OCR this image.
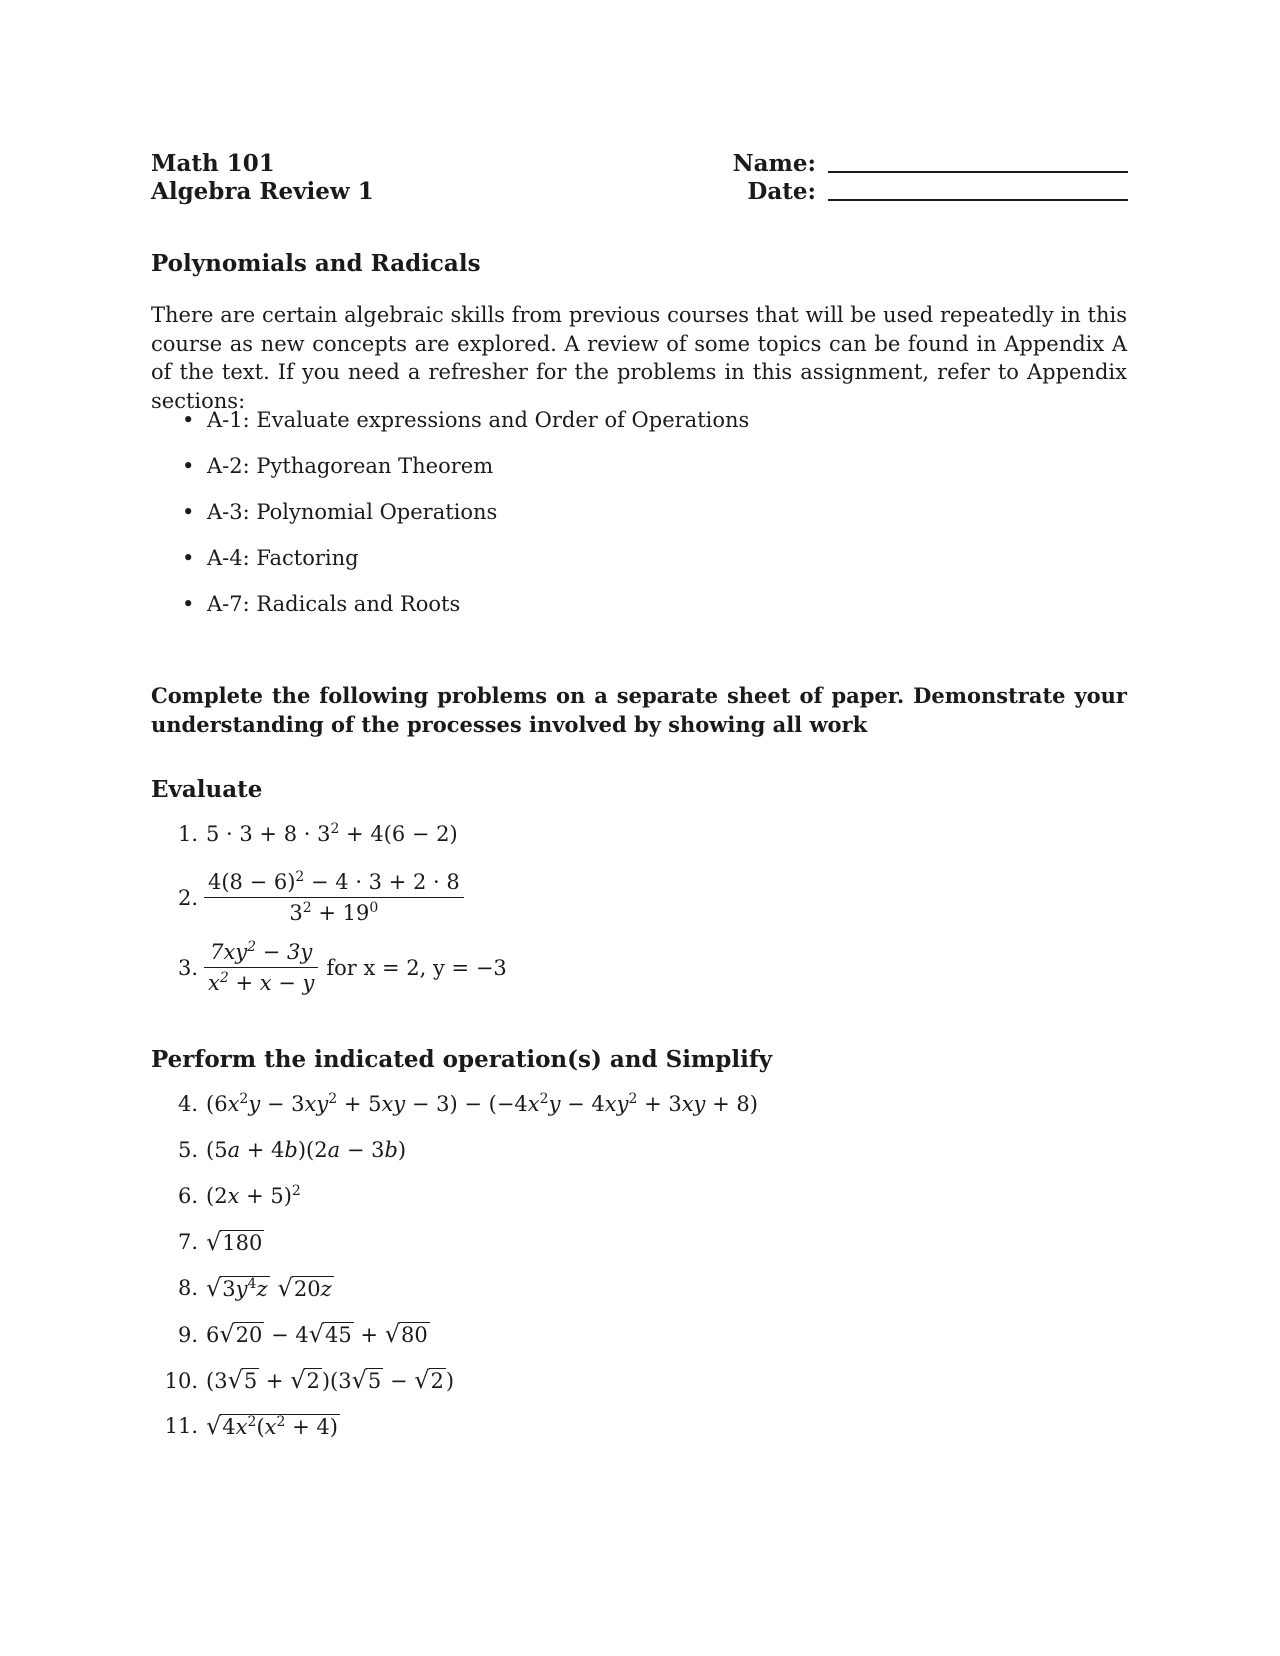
Math 101
Algebra Review 1
Name:
Date:
Polynomials and Radicals
There are certain algebraic skills from previous courses that will be used repeatedly in this course as new concepts are explored. A review of some topics can be found in Appendix A of the text. If you need a refresher for the problems in this assignment, refer to Appendix sections:
• A-1: Evaluate expressions and Order of Operations
• A-2: Pythagorean Theorem
• A-3: Polynomial Operations
• A-4: Factoring
• A-7: Radicals and Roots
Complete the following problems on a separate sheet of paper. Demonstrate your understanding of the processes involved by showing all work
Evaluate
1. $5 \cdot 3 + 8 \cdot 3^2 + 4(6 - 2)$
2. $\frac{4(8 - 6)^2 - 4 \cdot 3 + 2 \cdot 8}{3^2 + 19^0}$
3. $\frac{7xy^2 - 3y}{x^2 + x - y}$ for x = 2, y = −3
Perform the indicated operation(s) and Simplify
4. $(6x^2y - 3xy^2 + 5xy - 3) - (-4x^2y - 4xy^2 + 3xy + 8)$
5. (5a + 4b)(2a − 3b)
6. $(2x + 5)^2$
7. √ 180
8. √ $3y^4z$ √ 20z
9. 6 √ 20 − 4 √ 45 + √ 80
10. (3 √ 5 + √ 2 )(3 √ 5 − √ 2 )
11. √ $4x^2(x^2 + 4)$
